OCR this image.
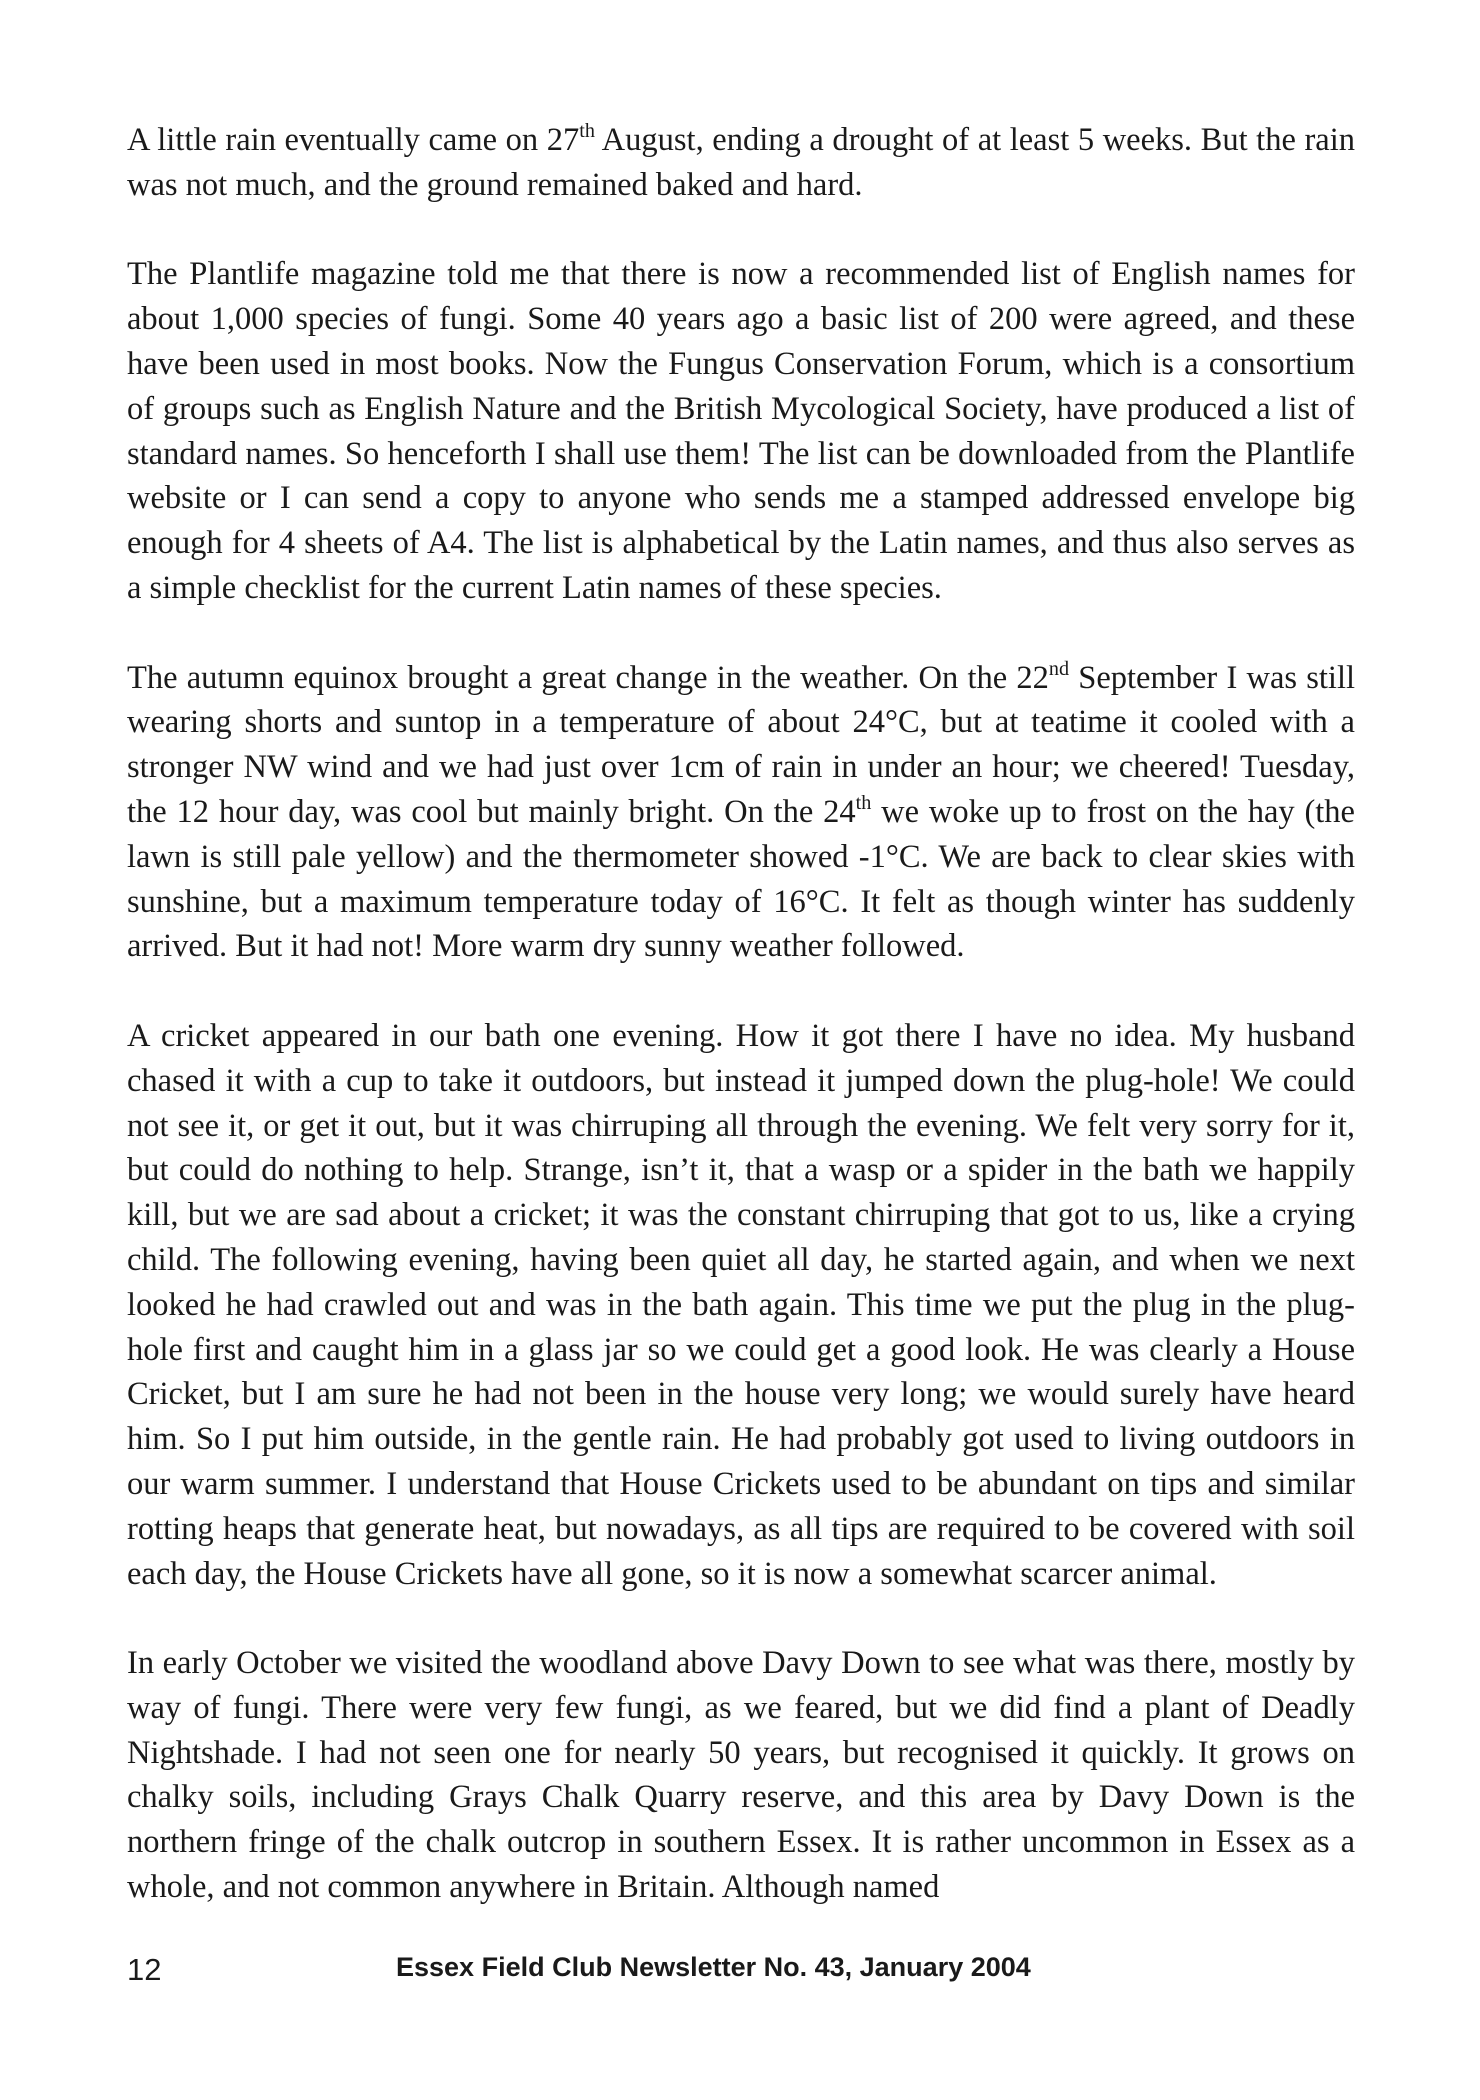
A little rain eventually came on 27th August, ending a drought of at least 5 weeks. But the rain was not much, and the ground remained baked and hard.

The Plantlife magazine told me that there is now a recommended list of English names for about 1,000 species of fungi. Some 40 years ago a basic list of 200 were agreed, and these have been used in most books. Now the Fungus Conservation Forum, which is a consortium of groups such as English Nature and the British Mycological Society, have produced a list of standard names. So henceforth I shall use them! The list can be downloaded from the Plantlife website or I can send a copy to anyone who sends me a stamped addressed envelope big enough for 4 sheets of A4. The list is alphabetical by the Latin names, and thus also serves as a simple checklist for the current Latin names of these species.

The autumn equinox brought a great change in the weather. On the 22nd September I was still wearing shorts and suntop in a temperature of about 24°C, but at teatime it cooled with a stronger NW wind and we had just over 1cm of rain in under an hour; we cheered! Tuesday, the 12 hour day, was cool but mainly bright. On the 24th we woke up to frost on the hay (the lawn is still pale yellow) and the thermometer showed -1°C. We are back to clear skies with sunshine, but a maximum temperature today of 16°C. It felt as though winter has suddenly arrived. But it had not! More warm dry sunny weather followed.

A cricket appeared in our bath one evening. How it got there I have no idea. My husband chased it with a cup to take it outdoors, but instead it jumped down the plug-hole! We could not see it, or get it out, but it was chirruping all through the evening. We felt very sorry for it, but could do nothing to help. Strange, isn’t it, that a wasp or a spider in the bath we happily kill, but we are sad about a cricket; it was the constant chirruping that got to us, like a crying child. The following evening, having been quiet all day, he started again, and when we next looked he had crawled out and was in the bath again. This time we put the plug in the plug-hole first and caught him in a glass jar so we could get a good look. He was clearly a House Cricket, but I am sure he had not been in the house very long; we would surely have heard him. So I put him outside, in the gentle rain. He had probably got used to living outdoors in our warm summer. I understand that House Crickets used to be abundant on tips and similar rotting heaps that generate heat, but nowadays, as all tips are required to be covered with soil each day, the House Crickets have all gone, so it is now a somewhat scarcer animal.

In early October we visited the woodland above Davy Down to see what was there, mostly by way of fungi. There were very few fungi, as we feared, but we did find a plant of Deadly Nightshade. I had not seen one for nearly 50 years, but recognised it quickly. It grows on chalky soils, including Grays Chalk Quarry reserve, and this area by Davy Down is the northern fringe of the chalk outcrop in southern Essex. It is rather uncommon in Essex as a whole, and not common anywhere in Britain. Although named

12	Essex Field Club Newsletter No. 43, January 2004
